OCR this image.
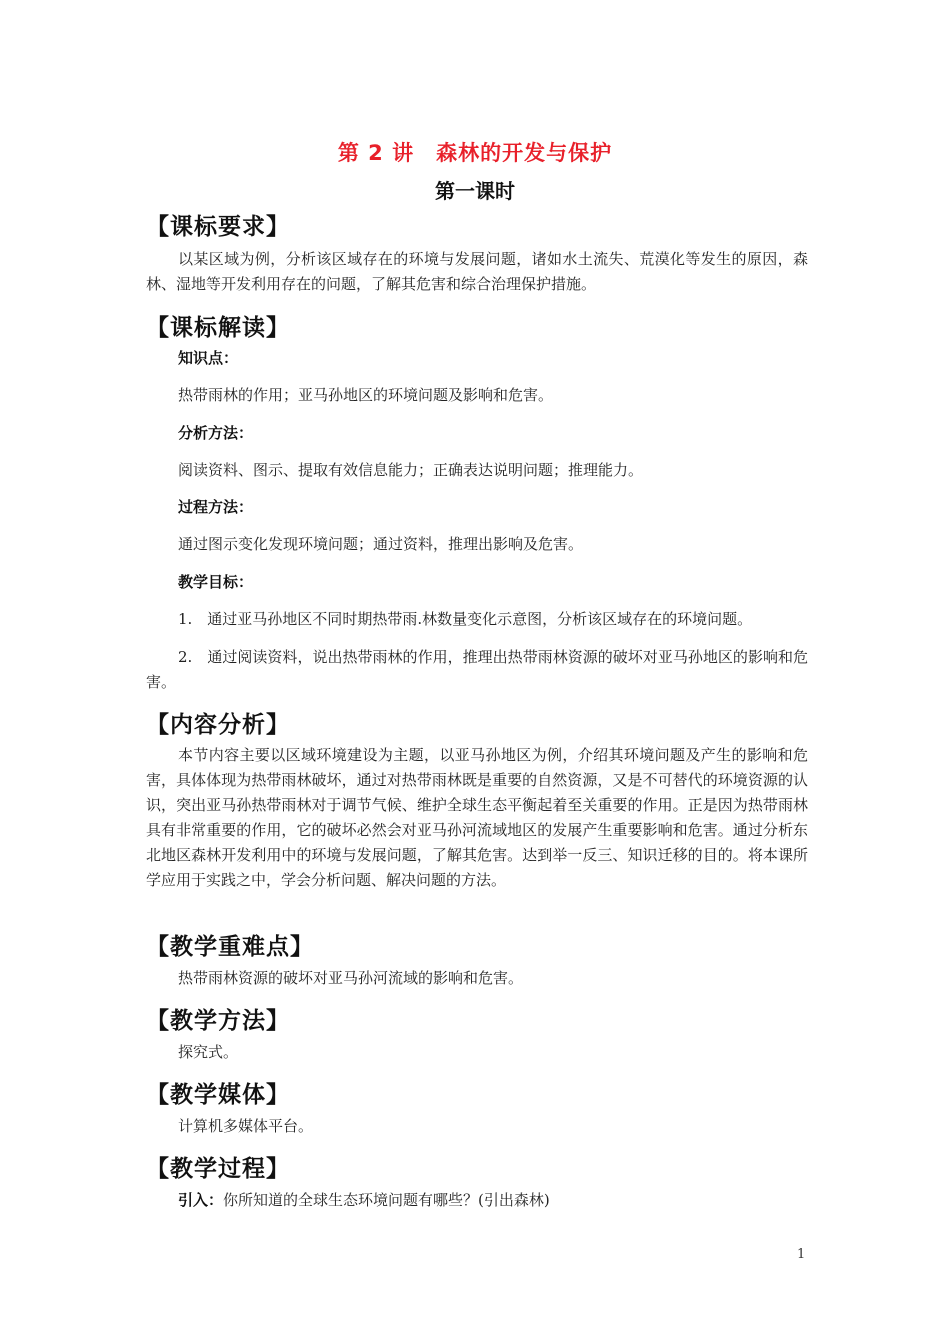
第 2 讲　森林的开发与保护
第一课时
【课标要求】

以某区域为例，分析该区域存在的环境与发展问题，诸如水土流失、荒漠化等发生的原因，森林、湿地等开发利用存在的问题，了解其危害和综合治理保护措施。

【课标解读】

知识点：

热带雨林的作用；亚马孙地区的环境问题及影响和危害。

分析方法：

阅读资料、图示、提取有效信息能力；正确表达说明问题；推理能力。

过程方法：

通过图示变化发现环境问题；通过资料，推理出影响及危害。

教学目标：

1.　通过亚马孙地区不同时期热带雨.林数量变化示意图，分析该区域存在的环境问题。

2.　通过阅读资料，说出热带雨林的作用，推理出热带雨林资源的破坏对亚马孙地区的影响和危害。

【内容分析】

本节内容主要以区域环境建设为主题，以亚马孙地区为例，介绍其环境问题及产生的影响和危害，具体体现为热带雨林破坏，通过对热带雨林既是重要的自然资源，又是不可替代的环境资源的认识，突出亚马孙热带雨林对于调节气候、维护全球生态平衡起着至关重要的作用。正是因为热带雨林具有非常重要的作用，它的破坏必然会对亚马孙河流域地区的发展产生重要影响和危害。通过分析东北地区森林开发利用中的环境与发展问题，了解其危害。达到举一反三、知识迁移的目的。将本课所学应用于实践之中，学会分析问题、解决问题的方法。

【教学重难点】

热带雨林资源的破坏对亚马孙河流域的影响和危害。

【教学方法】

探究式。

【教学媒体】

计算机多媒体平台。

【教学过程】

引入：你所知道的全球生态环境问题有哪些？(引出森林)

1
